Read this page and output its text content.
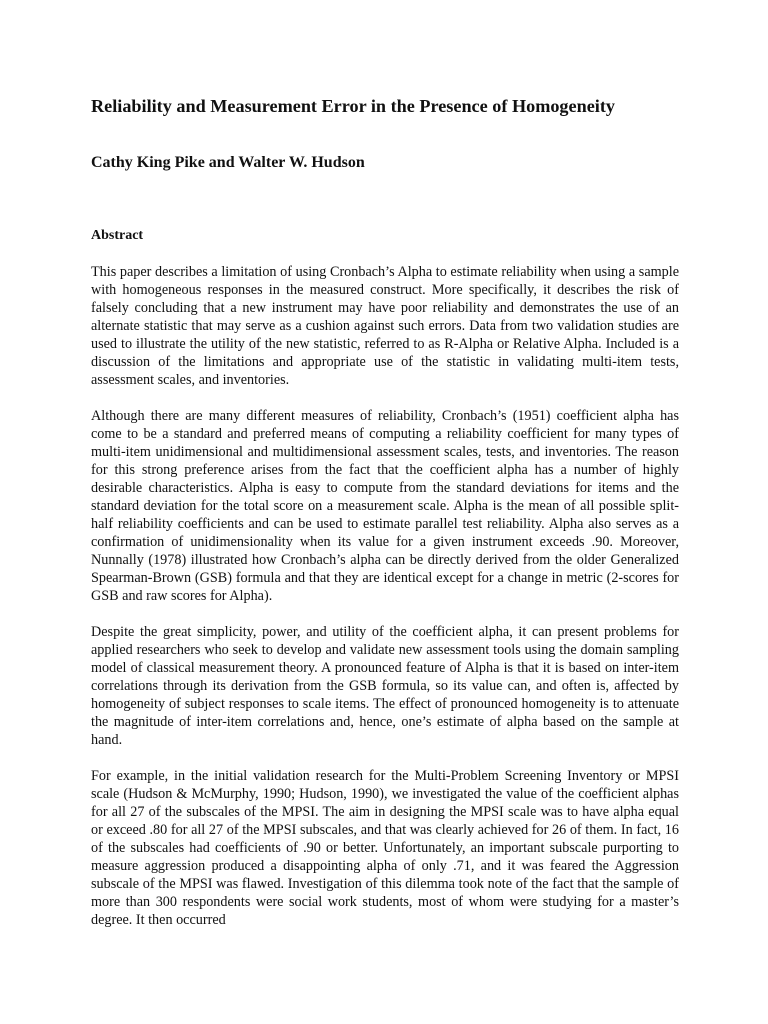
Reliability and Measurement Error in the Presence of Homogeneity
Cathy King Pike and Walter W. Hudson
Abstract

This paper describes a limitation of using Cronbach’s Alpha to estimate reliability when using a sample with homogeneous responses in the measured construct. More specifically, it describes the risk of falsely concluding that a new instrument may have poor reliability and demonstrates the use of an alternate statistic that may serve as a cushion against such errors. Data from two validation studies are used to illustrate the utility of the new statistic, referred to as R-Alpha or Relative Alpha. Included is a discussion of the limitations and appropriate use of the statistic in validating multi-item tests, assessment scales, and inventories.

Although there are many different measures of reliability, Cronbach’s (1951) coefficient alpha has come to be a standard and preferred means of computing a reliability coefficient for many types of multi-item unidimensional and multidimensional assessment scales, tests, and inventories. The reason for this strong preference arises from the fact that the coefficient alpha has a number of highly desirable characteristics. Alpha is easy to compute from the standard deviations for items and the standard deviation for the total score on a measurement scale. Alpha is the mean of all possible split-half reliability coefficients and can be used to estimate parallel test reliability. Alpha also serves as a confirmation of unidimensionality when its value for a given instrument exceeds .90. Moreover, Nunnally (1978) illustrated how Cronbach’s alpha can be directly derived from the older Generalized Spearman-Brown (GSB) formula and that they are identical except for a change in metric (2-scores for GSB and raw scores for Alpha).

Despite the great simplicity, power, and utility of the coefficient alpha, it can present problems for applied researchers who seek to develop and validate new assessment tools using the domain sampling model of classical measurement theory. A pronounced feature of Alpha is that it is based on inter-item correlations through its derivation from the GSB formula, so its value can, and often is, affected by homogeneity of subject responses to scale items. The effect of pronounced homogeneity is to attenuate the magnitude of inter-item correlations and, hence, one’s estimate of alpha based on the sample at hand.

For example, in the initial validation research for the Multi-Problem Screening Inventory or MPSI scale (Hudson & McMurphy, 1990; Hudson, 1990), we investigated the value of the coefficient alphas for all 27 of the subscales of the MPSI. The aim in designing the MPSI scale was to have alpha equal or exceed .80 for all 27 of the MPSI subscales, and that was clearly achieved for 26 of them. In fact, 16 of the subscales had coefficients of .90 or better. Unfortunately, an important subscale purporting to measure aggression produced a disappointing alpha of only .71, and it was feared the Aggression subscale of the MPSI was flawed. Investigation of this dilemma took note of the fact that the sample of more than 300 respondents were social work students, most of whom were studying for a master’s degree. It then occurred
